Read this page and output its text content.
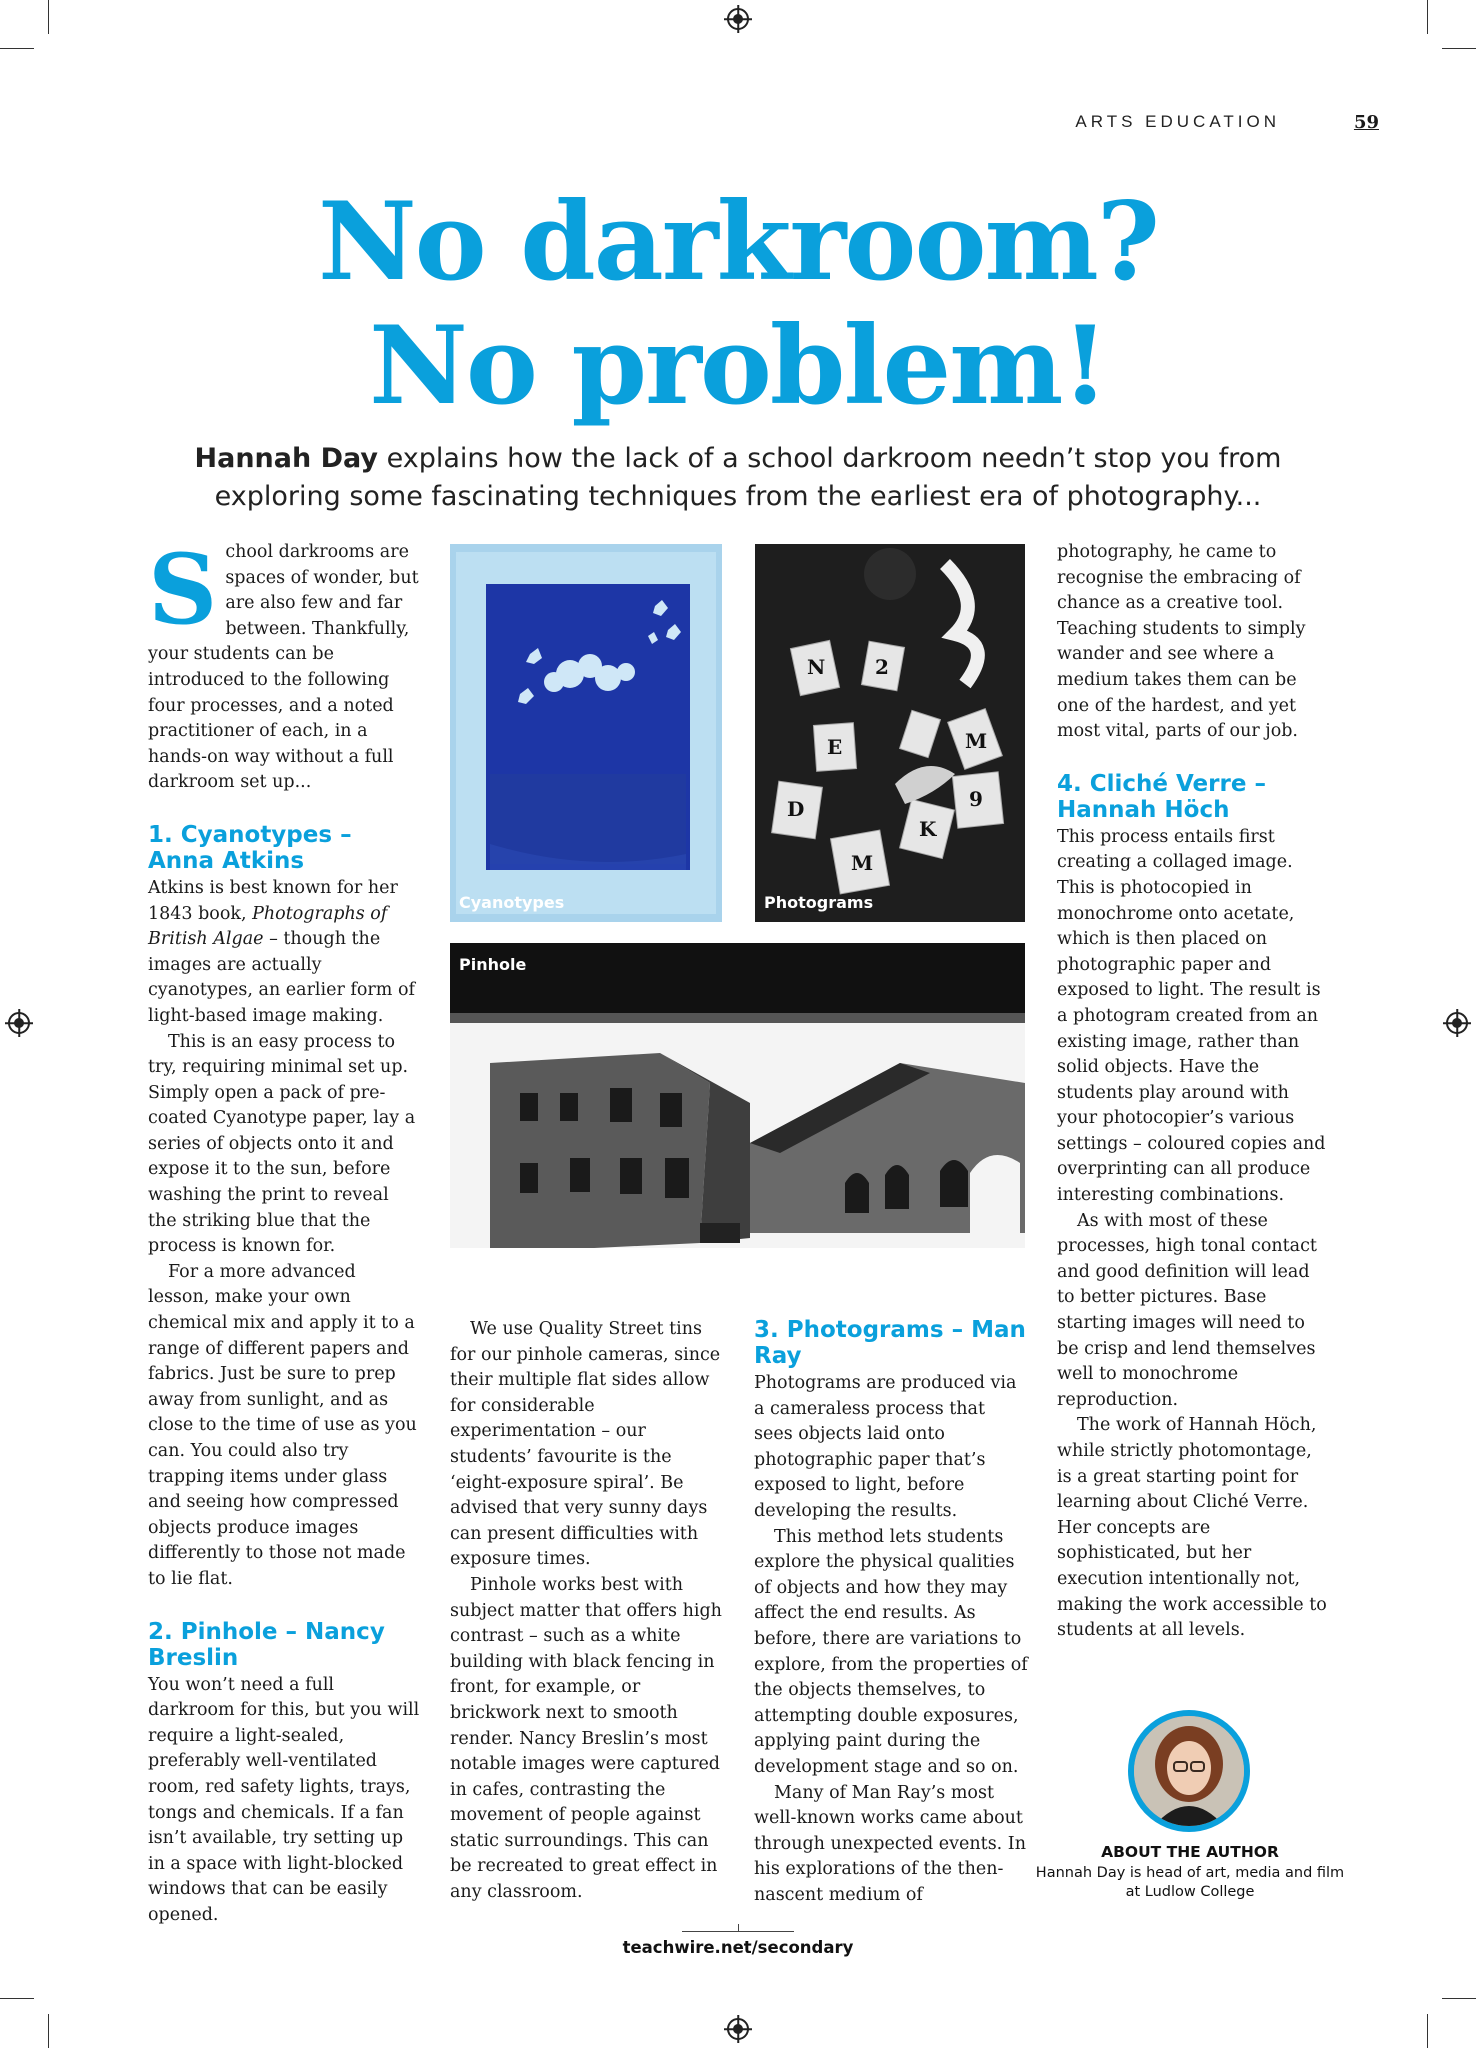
ARTS EDUCATION	59
No darkroom?
No problem!
Hannah Day explains how the lack of a school darkroom needn’t stop you from exploring some fascinating techniques from the earliest era of photography...
S chool darkrooms are spaces of wonder, but are also few and far between. Thankfully, your students can be introduced to the following four processes, and a noted practitioner of each, in a hands-on way without a full darkroom set up...

1. Cyanotypes – Anna Atkins

Atkins is best known for her 1843 book, Photographs of British Algae – though the images are actually cyanotypes, an earlier form of light-based image making.

This is an easy process to try, requiring minimal set up. Simply open a pack of pre-coated Cyanotype paper, lay a series of objects onto it and expose it to the sun, before washing the print to reveal the striking blue that the process is known for.

For a more advanced lesson, make your own chemical mix and apply it to a range of different papers and fabrics. Just be sure to prep away from sunlight, and as close to the time of use as you can. You could also try trapping items under glass and seeing how compressed objects produce images differently to those not made to lie flat.

2. Pinhole – Nancy Breslin

You won’t need a full darkroom for this, but you will require a light-sealed, preferably well-ventilated room, red safety lights, trays, tongs and chemicals. If a fan isn’t available, try setting up in a space with light-blocked windows that can be easily opened.

Cyanotypes
N 2
E	M
D
M
K
9
Photograms
Pinhole

We use Quality Street tins for our pinhole cameras, since their multiple flat sides allow for considerable experimentation – our students’ favourite is the ‘eight-exposure spiral’. Be advised that very sunny days can present difficulties with exposure times.

Pinhole works best with subject matter that offers high contrast – such as a white building with black fencing in front, for example, or brickwork next to smooth render. Nancy Breslin’s most notable images were captured in cafes, contrasting the movement of people against static surroundings. This can be recreated to great effect in any classroom.

3. Photograms – Man Ray

Photograms are produced via a cameraless process that sees objects laid onto photographic paper that’s exposed to light, before developing the results.

This method lets students explore the physical qualities of objects and how they may affect the end results. As before, there are variations to explore, from the properties of the objects themselves, to attempting double exposures, applying paint during the development stage and so on.

Many of Man Ray’s most well-known works came about through unexpected events. In his explorations of the then-nascent medium of

photography, he came to recognise the embracing of chance as a creative tool. Teaching students to simply wander and see where a medium takes them can be one of the hardest, and yet most vital, parts of our job.

4. Cliché Verre – Hannah Höch

This process entails first creating a collaged image. This is photocopied in monochrome onto acetate, which is then placed on photographic paper and exposed to light. The result is a photogram created from an existing image, rather than solid objects. Have the students play around with your photocopier’s various settings – coloured copies and overprinting can all produce interesting combinations.

As with most of these processes, high tonal contact and good definition will lead to better pictures. Base starting images will need to be crisp and lend themselves well to monochrome reproduction.

The work of Hannah Höch, while strictly photomontage, is a great starting point for learning about Cliché Verre. Her concepts are sophisticated, but her execution intentionally not, making the work accessible to students at all levels.

ABOUT THE AUTHOR
Hannah Day is head of art, media and film at Ludlow College
teachwire.net/secondary
